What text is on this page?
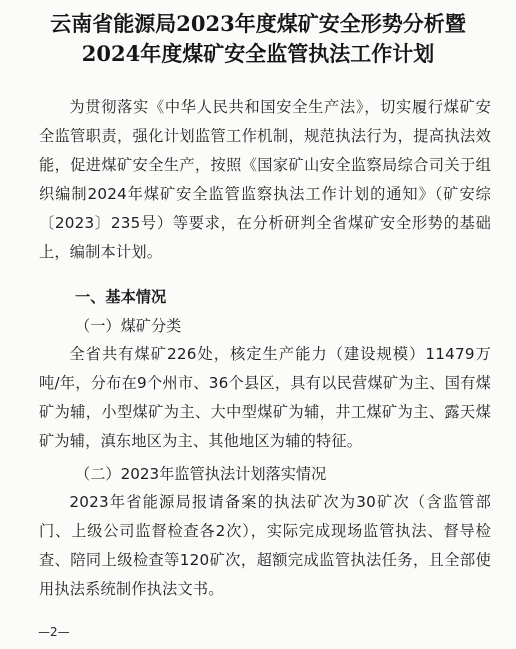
云南省能源局2023年度煤矿安全形势分析暨
2024年度煤矿安全监管执法工作计划

为贯彻落实《中华人民共和国安全生产法》，切实履行煤矿安全监管职责，强化计划监管工作机制，规范执法行为，提高执法效能，促进煤矿安全生产，按照《国家矿山安全监察局综合司关于组织编制2024年煤矿安全监管监察执法工作计划的通知》（矿安综〔2023〕235号）等要求，在分析研判全省煤矿安全形势的基础上，编制本计划。

一、基本情况
（一）煤矿分类

全省共有煤矿226处，核定生产能力（建设规模）11479万吨/年，分布在9个州市、36个县区，具有以民营煤矿为主、国有煤矿为辅，小型煤矿为主、大中型煤矿为辅，井工煤矿为主、露天煤矿为辅，滇东地区为主、其他地区为辅的特征。

（二）2023年监管执法计划落实情况

2023年省能源局报请备案的执法矿次为30矿次（含监管部门、上级公司监督检查各2次），实际完成现场监管执法、督导检查、陪同上级检查等120矿次，超额完成监管执法任务，且全部使用执法系统制作执法文书。

—2—
